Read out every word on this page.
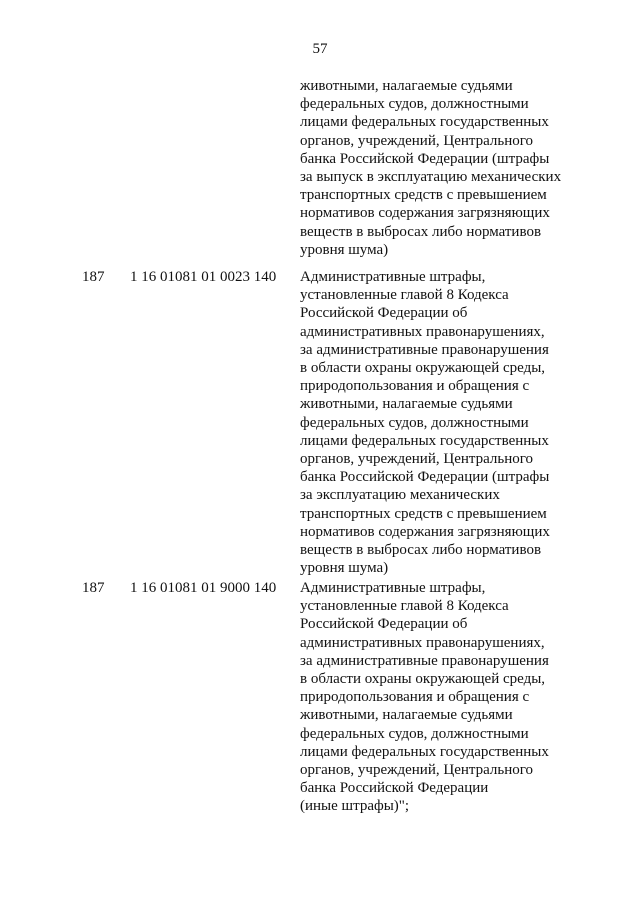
57
животными, налагаемые судьями
федеральных судов, должностными
лицами федеральных государственных
органов, учреждений, Центрального
банка Российской Федерации (штрафы
за выпуск в эксплуатацию механических
транспортных средств с превышением
нормативов содержания загрязняющих
веществ в выбросах либо нормативов
уровня шума)
187 1 16 01081 01 0023 140 Административные штрафы,
установленные главой 8 Кодекса
Российской Федерации об
административных правонарушениях,
за административные правонарушения
в области охраны окружающей среды,
природопользования и обращения с
животными, налагаемые судьями
федеральных судов, должностными
лицами федеральных государственных
органов, учреждений, Центрального
банка Российской Федерации (штрафы
за эксплуатацию механических
транспортных средств с превышением
нормативов содержания загрязняющих
веществ в выбросах либо нормативов
уровня шума)
187 1 16 01081 01 9000 140 Административные штрафы,
установленные главой 8 Кодекса
Российской Федерации об
административных правонарушениях,
за административные правонарушения
в области охраны окружающей среды,
природопользования и обращения с
животными, налагаемые судьями
федеральных судов, должностными
лицами федеральных государственных
органов, учреждений, Центрального
банка Российской Федерации
(иные штрафы)";
